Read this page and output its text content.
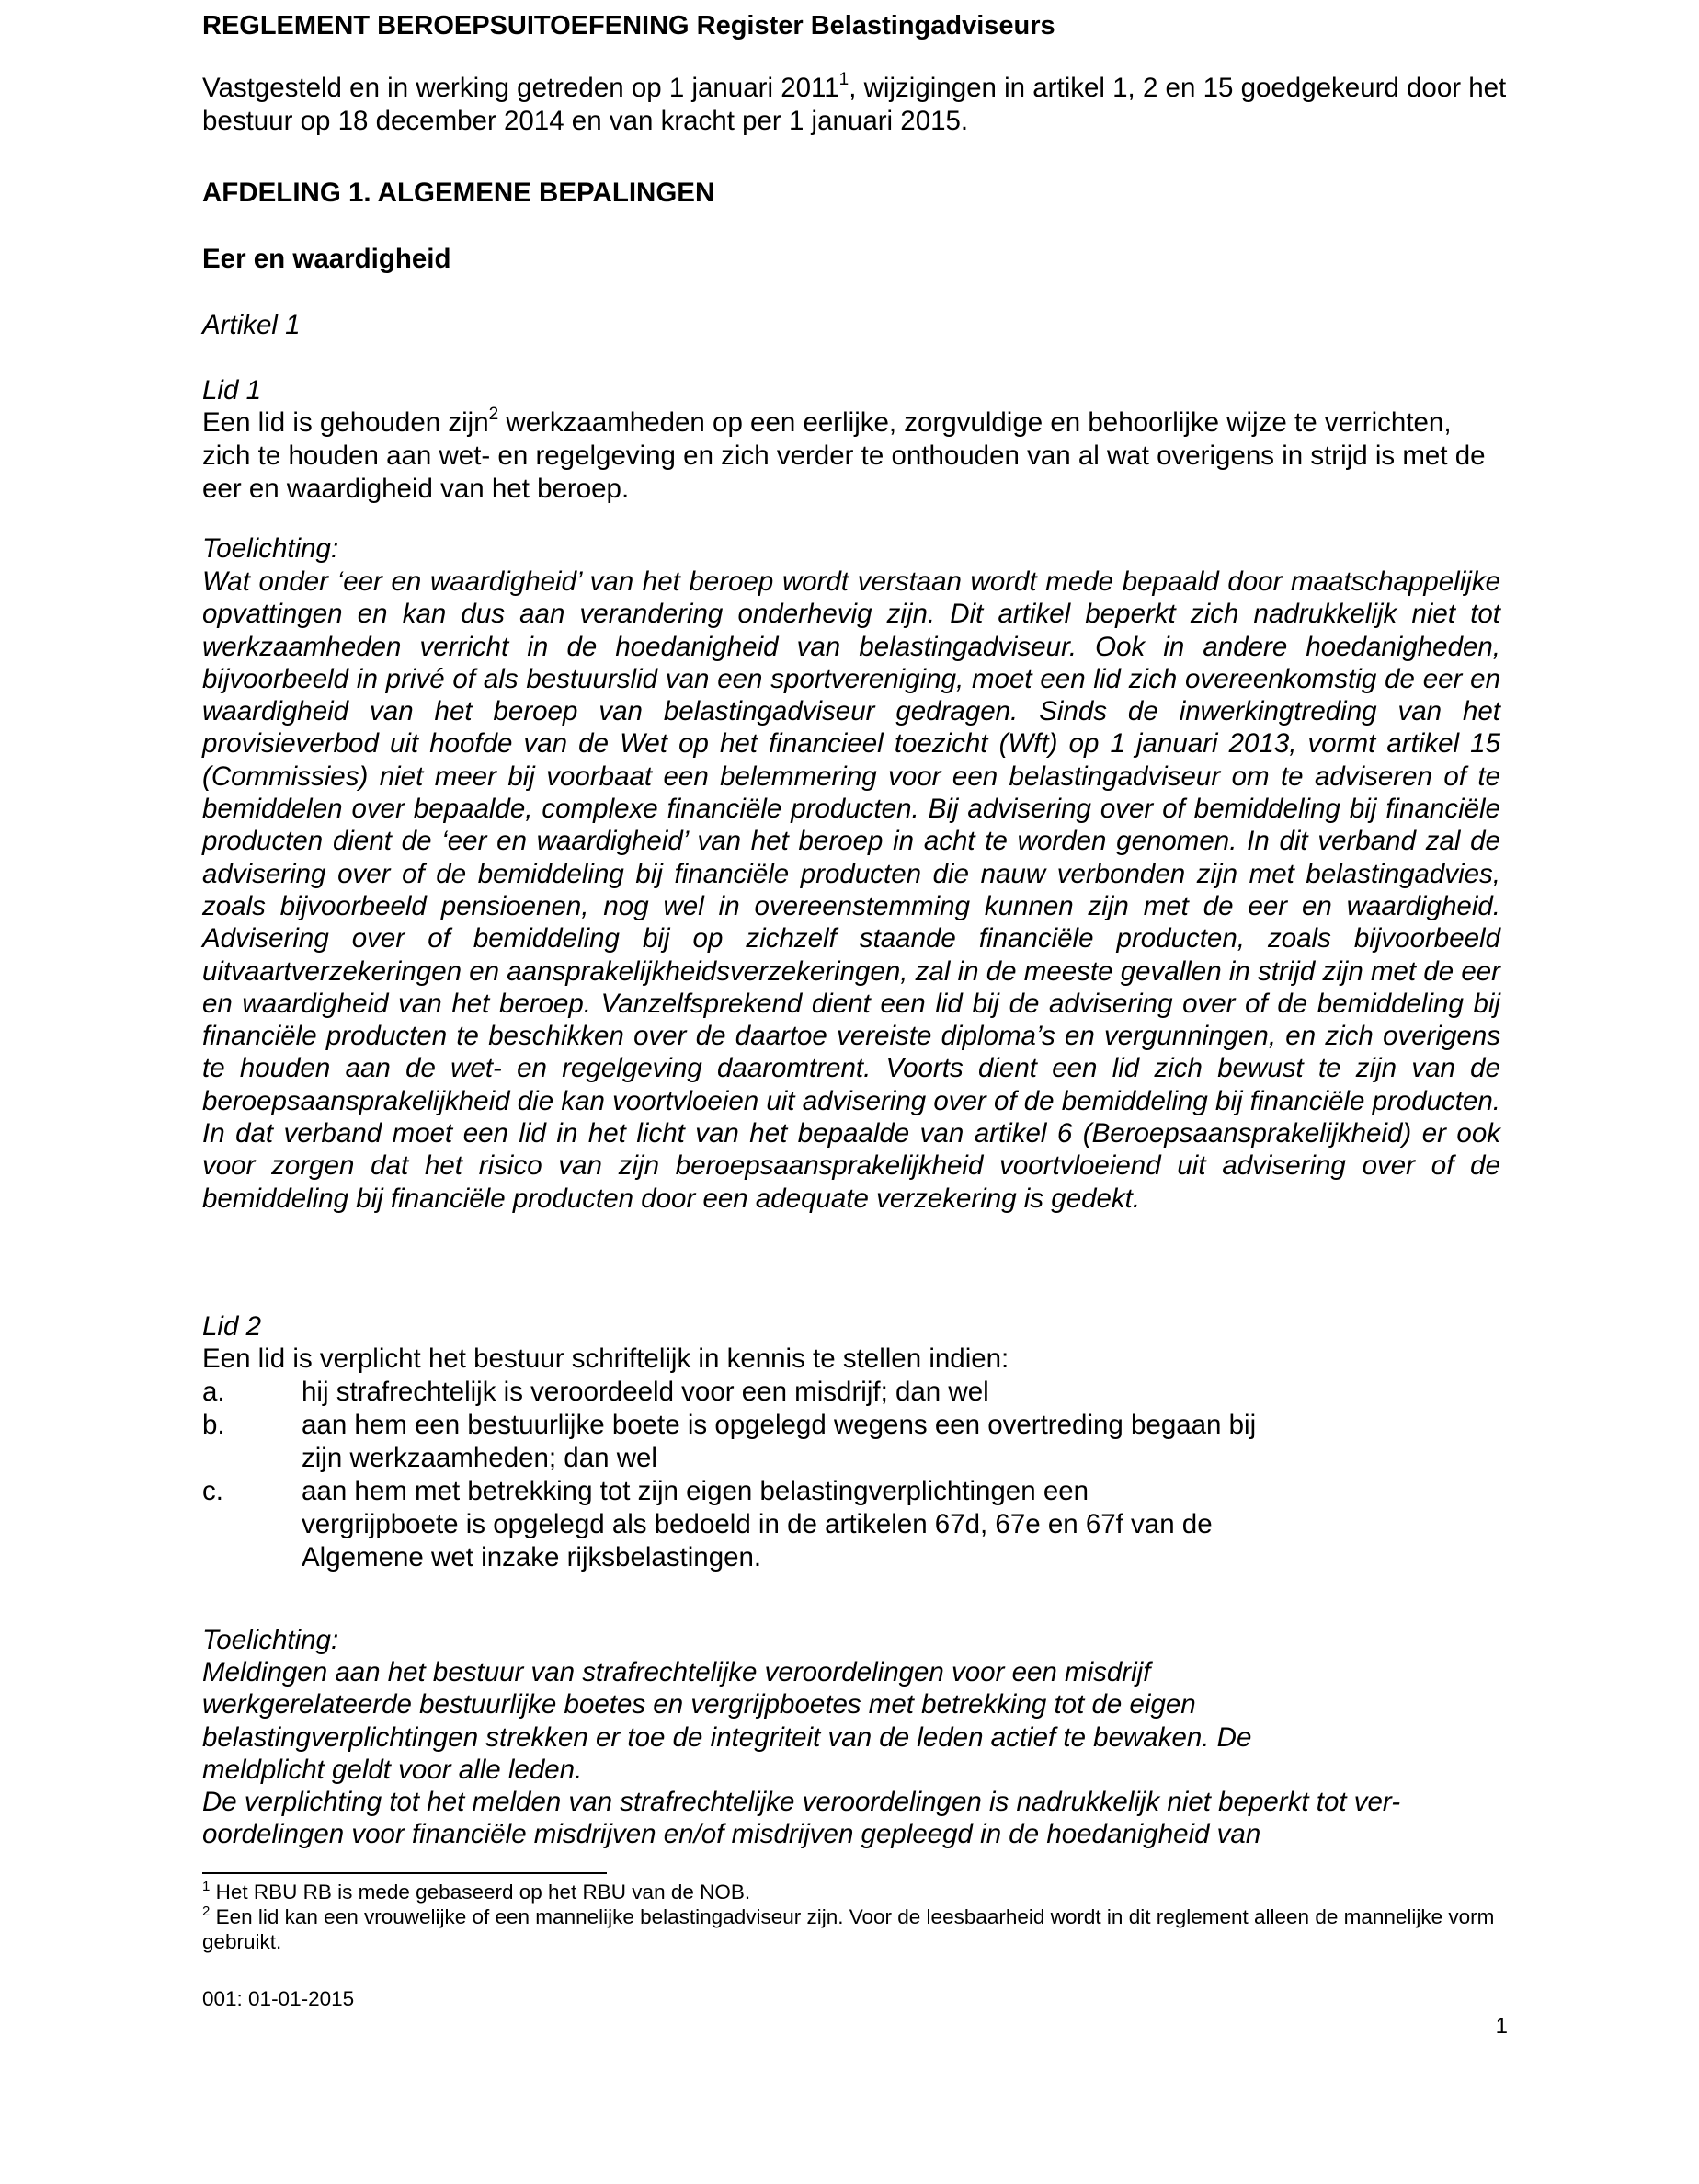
REGLEMENT BEROEPSUITOEFENING Register Belastingadviseurs
Vastgesteld en in werking getreden op 1 januari 2011$^1$, wijzigingen in artikel 1, 2 en 15 goedgekeurd door het bestuur op 18 december 2014 en van kracht per 1 januari 2015.
AFDELING 1. ALGEMENE BEPALINGEN
Eer en waardigheid
Artikel 1
Lid 1
Een lid is gehouden zijn$^2$ werkzaamheden op een eerlijke, zorgvuldige en behoorlijke wijze te verrichten, zich te houden aan wet- en regelgeving en zich verder te onthouden van al wat overigens in strijd is met de eer en waardigheid van het beroep.
Toelichting:
Wat onder ‘eer en waardigheid’ van het beroep wordt verstaan wordt mede bepaald door maatschappelijke opvattingen en kan dus aan verandering onderhevig zijn. Dit artikel beperkt zich nadrukkelijk niet tot werkzaamheden verricht in de hoedanigheid van belastingadviseur. Ook in andere hoedanigheden, bijvoorbeeld in privé of als bestuurslid van een sportvereniging, moet een lid zich overeenkomstig de eer en waardigheid van het beroep van belastingadviseur gedragen. Sinds de inwerkingtreding van het provisieverbod uit hoofde van de Wet op het financieel toezicht (Wft) op 1 januari 2013, vormt artikel 15 (Commissies) niet meer bij voorbaat een belemmering voor een belastingadviseur om te adviseren of te bemiddelen over bepaalde, complexe financiële producten. Bij advisering over of bemiddeling bij financiële producten dient de ‘eer en waardigheid’ van het beroep in acht te worden genomen. In dit verband zal de advisering over of de bemiddeling bij financiële producten die nauw verbonden zijn met belastingadvies, zoals bijvoorbeeld pensioenen, nog wel in overeenstemming kunnen zijn met de eer en waardigheid. Advisering over of bemiddeling bij op zichzelf staande financiële producten, zoals bijvoorbeeld uitvaartverzekeringen en aansprakelijkheidsverzekeringen, zal in de meeste gevallen in strijd zijn met de eer en waardigheid van het beroep. Vanzelfsprekend dient een lid bij de advisering over of de bemiddeling bij financiële producten te beschikken over de daartoe vereiste diploma’s en vergunningen, en zich overigens te houden aan de wet- en regelgeving daaromtrent. Voorts dient een lid zich bewust te zijn van de beroepsaansprakelijkheid die kan voortvloeien uit advisering over of de bemiddeling bij financiële producten. In dat verband moet een lid in het licht van het bepaalde van artikel 6 (Beroepsaansprakelijkheid) er ook voor zorgen dat het risico van zijn beroepsaansprakelijkheid voortvloeiend uit advisering over of de bemiddeling bij financiële producten door een adequate verzekering is gedekt.
Lid 2
Een lid is verplicht het bestuur schriftelijk in kennis te stellen indien:
a.	hij strafrechtelijk is veroordeeld voor een misdrijf; dan wel
b.	aan hem een bestuurlijke boete is opgelegd wegens een overtreding begaan bij
zijn werkzaamheden; dan wel
c.	aan hem met betrekking tot zijn eigen belastingverplichtingen een
vergrijpboete is opgelegd als bedoeld in de artikelen 67d, 67e en 67f van de
Algemene wet inzake rijksbelastingen.
Toelichting:
Meldingen aan het bestuur van strafrechtelijke veroordelingen voor een misdrijf
werkgerelateerde bestuurlijke boetes en vergrijpboetes met betrekking tot de eigen
belastingverplichtingen strekken er toe de integriteit van de leden actief te bewaken. De
meldplicht geldt voor alle leden.
De verplichting tot het melden van strafrechtelijke veroordelingen is nadrukkelijk niet beperkt tot ver-
oordelingen voor financiële misdrijven en/of misdrijven gepleegd in de hoedanigheid van
$^1$ Het RBU RB is mede gebaseerd op het RBU van de NOB.
$^2$ Een lid kan een vrouwelijke of een mannelijke belastingadviseur zijn. Voor de leesbaarheid wordt in dit reglement alleen de mannelijke vorm gebruikt.
001: 01-01-2015
1
